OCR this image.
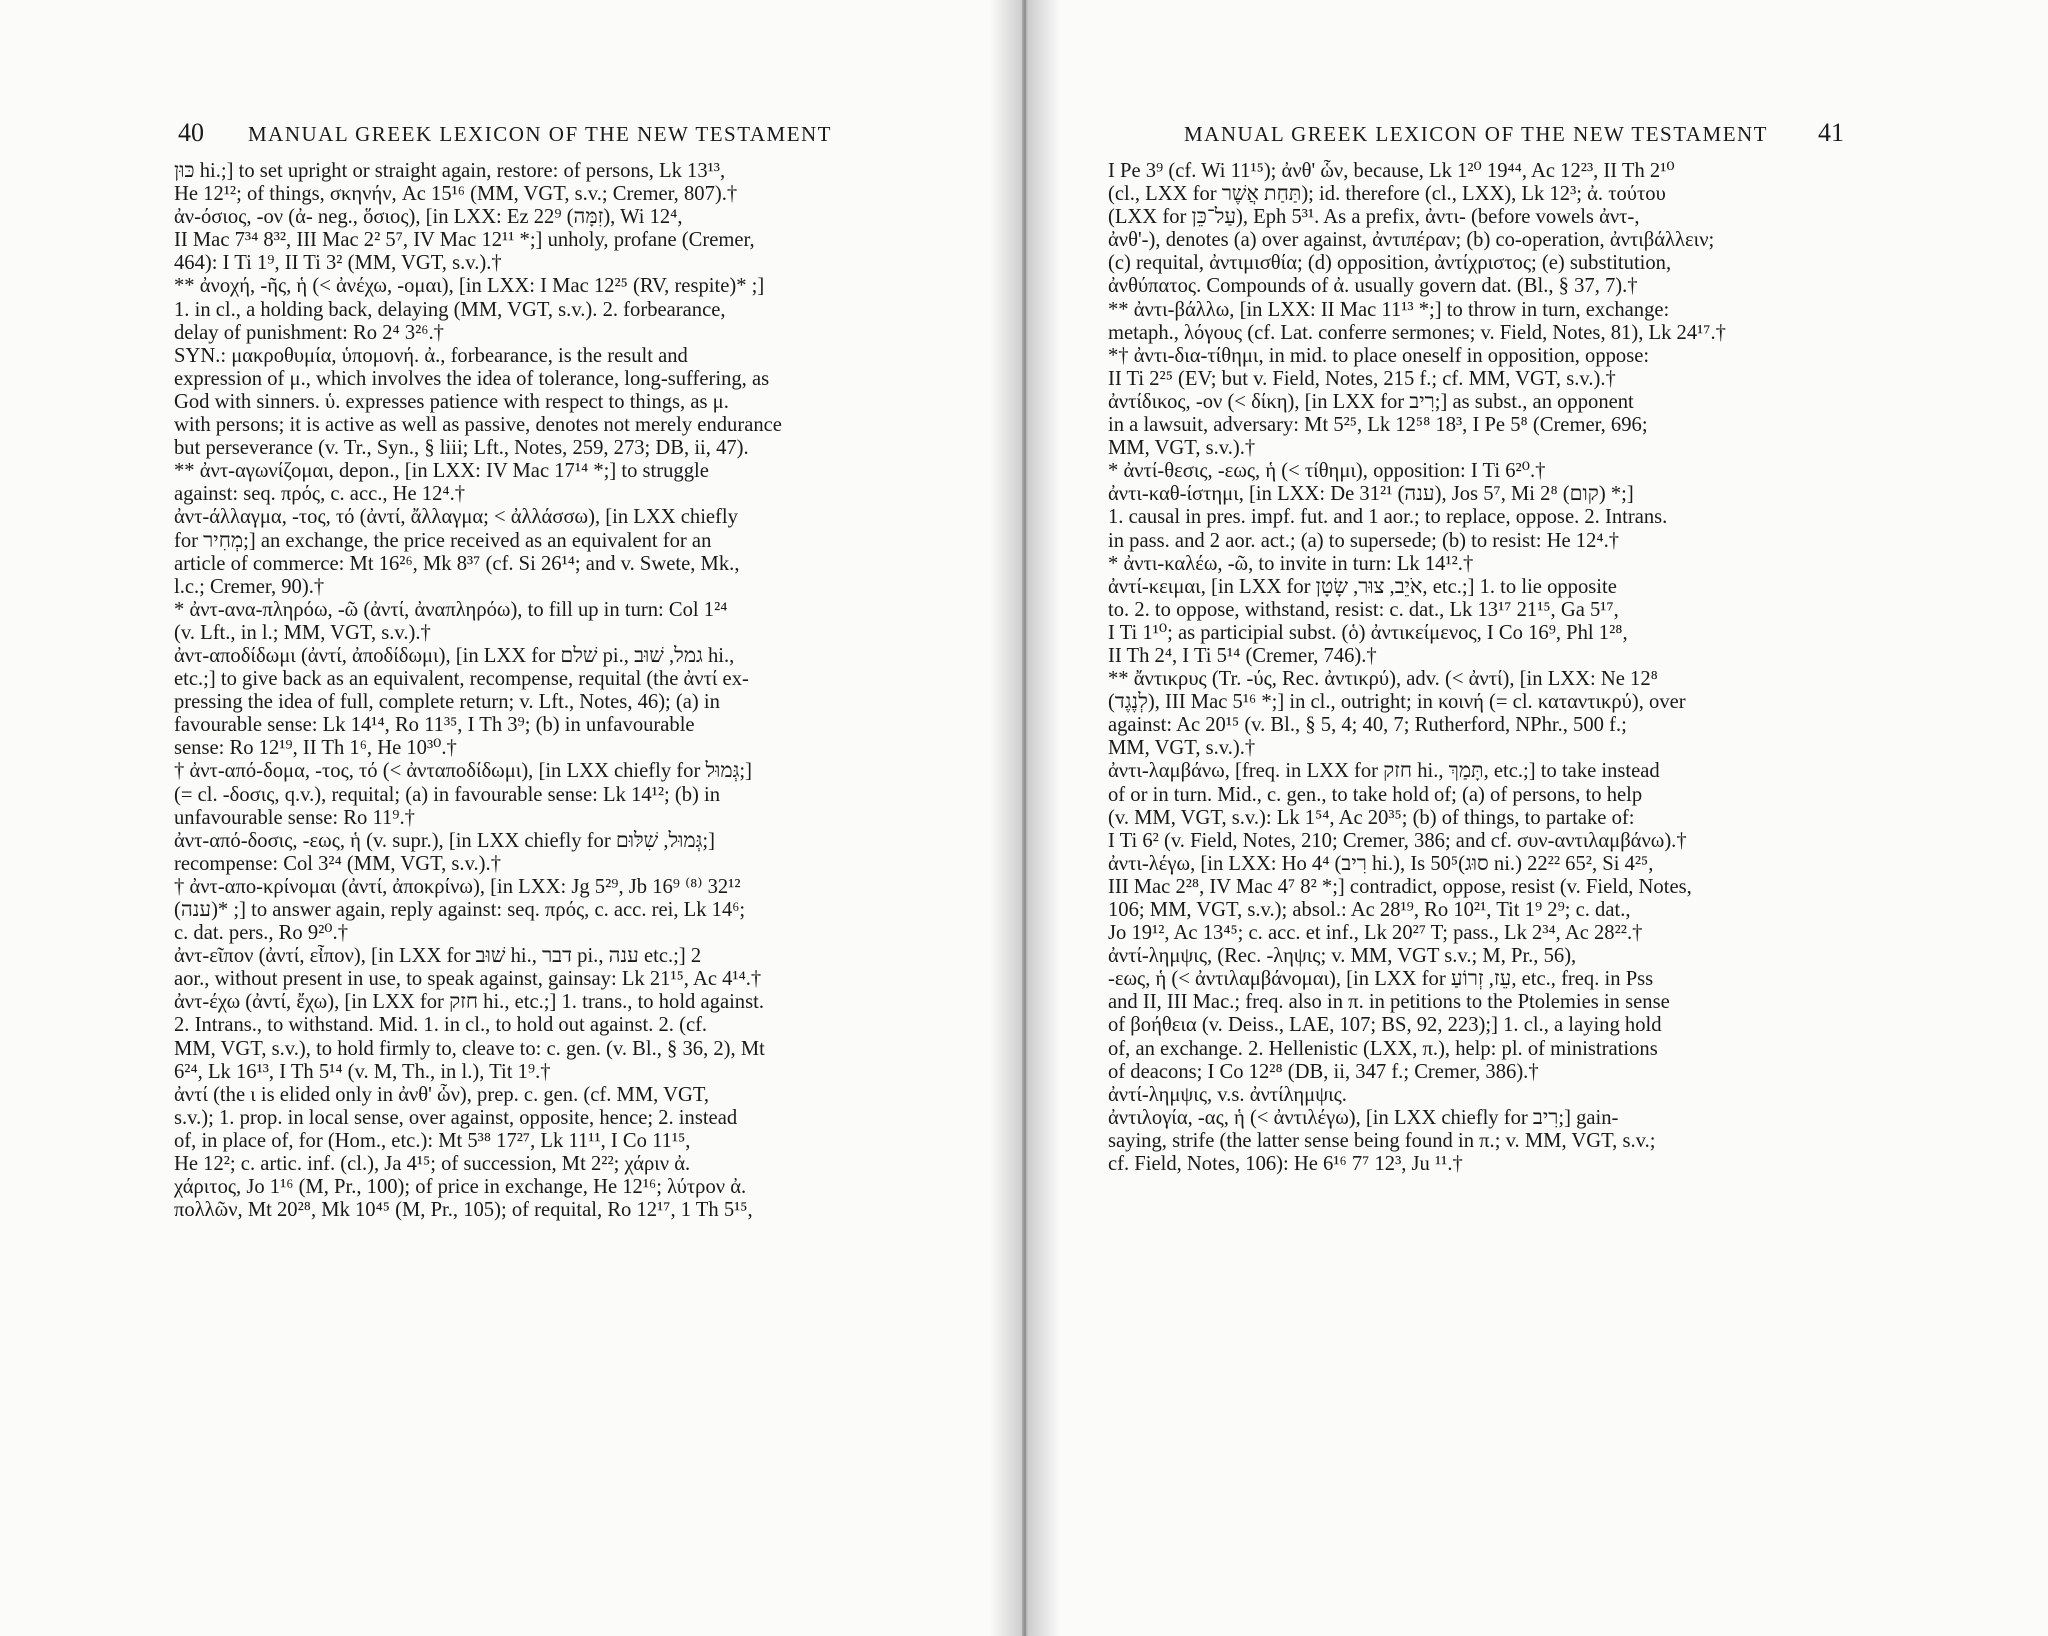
40 MANUAL GREEK LEXICON OF THE NEW TESTAMENT
כּוּן hi.;] to set upright or straight again, restore: of persons, Lk 13¹³,
He 12¹²; of things, σκηνήν, Ac 15¹⁶ (MM, VGT, s.v.; Cremer, 807).†
ἀν-όσιος, -ον (ἀ- neg., ὅσιος), [in LXX: Ez 22⁹ (זִמָּה), Wi 12⁴,
II Mac 7³⁴ 8³², III Mac 2² 5⁷, IV Mac 12¹¹ *;] unholy, profane (Cremer,
464): I Ti 1⁹, II Ti 3² (MM, VGT, s.v.).†
** ἀνοχή, -ῆς, ἡ (< ἀνέχω, -ομαι), [in LXX: I Mac 12²⁵ (RV, respite)* ;]
1. in cl., a holding back, delaying (MM, VGT, s.v.). 2. forbearance,
delay of punishment: Ro 2⁴ 3²⁶.†
SYN.: μακροθυμία, ὑπομονή. ἀ., forbearance, is the result and
expression of μ., which involves the idea of tolerance, long-suffering, as
God with sinners. ὑ. expresses patience with respect to things, as μ.
with persons; it is active as well as passive, denotes not merely endurance
but perseverance (v. Tr., Syn., § liii; Lft., Notes, 259, 273; DB, ii, 47).
** ἀντ-αγωνίζομαι, depon., [in LXX: IV Mac 17¹⁴ *;] to struggle
against: seq. πρός, c. acc., He 12⁴.†
ἀντ-άλλαγμα, -τος, τό (ἀντί, ἄλλαγμα; < ἀλλάσσω), [in LXX chiefly
for מְחִיר;] an exchange, the price received as an equivalent for an
article of commerce: Mt 16²⁶, Mk 8³⁷ (cf. Si 26¹⁴; and v. Swete, Mk.,
l.c.; Cremer, 90).†
* ἀντ-ανα-πληρόω, -ῶ (ἀντί, ἀναπληρόω), to fill up in turn: Col 1²⁴
(v. Lft., in l.; MM, VGT, s.v.).†
ἀντ-αποδίδωμι (ἀντί, ἀποδίδωμι), [in LXX for שׁלם pi., גמל, שׁוּב hi.,
etc.;] to give back as an equivalent, recompense, requital (the ἀντί ex-
pressing the idea of full, complete return; v. Lft., Notes, 46); (a) in
favourable sense: Lk 14¹⁴, Ro 11³⁵, I Th 3⁹; (b) in unfavourable
sense: Ro 12¹⁹, II Th 1⁶, He 10³⁰.†
† ἀντ-από-δομα, -τος, τό (< ἀνταποδίδωμι), [in LXX chiefly for גְּמוּל;]
(= cl. -δοσις, q.v.), requital; (a) in favourable sense: Lk 14¹²; (b) in
unfavourable sense: Ro 11⁹.†
ἀντ-από-δοσις, -εως, ἡ (v. supr.), [in LXX chiefly for גְּמוּל, שִׁלּוּם;]
recompense: Col 3²⁴ (MM, VGT, s.v.).†
† ἀντ-απο-κρίνομαι (ἀντί, ἀποκρίνω), [in LXX: Jg 5²⁹, Jb 16⁹ ⁽⁸⁾ 32¹²
(ענה)* ;] to answer again, reply against: seq. πρός, c. acc. rei, Lk 14⁶;
c. dat. pers., Ro 9²⁰.†
ἀντ-εῖπον (ἀντί, εἶπον), [in LXX for שׁוּב hi., דבר pi., ענה etc.;] 2
aor., without present in use, to speak against, gainsay: Lk 21¹⁵, Ac 4¹⁴.†
ἀντ-έχω (ἀντί, ἔχω), [in LXX for חזק hi., etc.;] 1. trans., to hold against.
2. Intrans., to withstand. Mid. 1. in cl., to hold out against. 2. (cf.
MM, VGT, s.v.), to hold firmly to, cleave to: c. gen. (v. Bl., § 36, 2), Mt
6²⁴, Lk 16¹³, I Th 5¹⁴ (v. M, Th., in l.), Tit 1⁹.†
ἀντί (the ι is elided only in ἀνθ' ὧν), prep. c. gen. (cf. MM, VGT,
s.v.); 1. prop. in local sense, over against, opposite, hence; 2. instead
of, in place of, for (Hom., etc.): Mt 5³⁸ 17²⁷, Lk 11¹¹, I Co 11¹⁵,
He 12²; c. artic. inf. (cl.), Ja 4¹⁵; of succession, Mt 2²²; χάριν ἀ.
χάριτος, Jo 1¹⁶ (M, Pr., 100); of price in exchange, He 12¹⁶; λύτρον ἀ.
πολλῶν, Mt 20²⁸, Mk 10⁴⁵ (M, Pr., 105); of requital, Ro 12¹⁷, 1 Th 5¹⁵,
MANUAL GREEK LEXICON OF THE NEW TESTAMENT 41
I Pe 3⁹ (cf. Wi 11¹⁵); ἀνθ' ὧν, because, Lk 1²⁰ 19⁴⁴, Ac 12²³, II Th 2¹⁰
(cl., LXX for תַּחַת אֲשֶׁר); id. therefore (cl., LXX), Lk 12³; ἀ. τούτου
(LXX for עַל־כֵּן), Eph 5³¹. As a prefix, ἀντι- (before vowels ἀντ-,
ἀνθ'-), denotes (a) over against, ἀντιπέραν; (b) co-operation, ἀντιβάλλειν;
(c) requital, ἀντιμισθία; (d) opposition, ἀντίχριστος; (e) substitution,
ἀνθύπατος. Compounds of ἀ. usually govern dat. (Bl., § 37, 7).†
** ἀντι-βάλλω, [in LXX: II Mac 11¹³ *;] to throw in turn, exchange:
metaph., λόγους (cf. Lat. conferre sermones; v. Field, Notes, 81), Lk 24¹⁷.†
*† ἀντι-δια-τίθημι, in mid. to place oneself in opposition, oppose:
II Ti 2²⁵ (EV; but v. Field, Notes, 215 f.; cf. MM, VGT, s.v.).†
ἀντίδικος, -ον (< δίκη), [in LXX for רִיב;] as subst., an opponent
in a lawsuit, adversary: Mt 5²⁵, Lk 12⁵⁸ 18³, I Pe 5⁸ (Cremer, 696;
MM, VGT, s.v.).†
* ἀντί-θεσις, -εως, ἡ (< τίθημι), opposition: I Ti 6²⁰.†
ἀντι-καθ-ίστημι, [in LXX: De 31²¹ (ענה), Jos 5⁷, Mi 2⁸ (קום) *;]
1. causal in pres. impf. fut. and 1 aor.; to replace, oppose. 2. Intrans.
in pass. and 2 aor. act.; (a) to supersede; (b) to resist: He 12⁴.†
* ἀντι-καλέω, -ῶ, to invite in turn: Lk 14¹².†
ἀντί-κειμαι, [in LXX for אֹיֵב, צוּר, שָׂטָן, etc.;] 1. to lie opposite
to. 2. to oppose, withstand, resist: c. dat., Lk 13¹⁷ 21¹⁵, Ga 5¹⁷,
I Ti 1¹⁰; as participial subst. (ὁ) ἀντικείμενος, I Co 16⁹, Phl 1²⁸,
II Th 2⁴, I Ti 5¹⁴ (Cremer, 746).†
** ἄντικρυς (Tr. -ύς, Rec. ἀντικρύ), adv. (< ἀντί), [in LXX: Ne 12⁸
(לְנֶגֶד), III Mac 5¹⁶ *;] in cl., outright; in κοινή (= cl. καταντικρύ), over
against: Ac 20¹⁵ (v. Bl., § 5, 4; 40, 7; Rutherford, NPhr., 500 f.;
MM, VGT, s.v.).†
ἀντι-λαμβάνω, [freq. in LXX for חזק hi., תָּמַךְ, etc.;] to take instead
of or in turn. Mid., c. gen., to take hold of; (a) of persons, to help
(v. MM, VGT, s.v.): Lk 1⁵⁴, Ac 20³⁵; (b) of things, to partake of:
I Ti 6² (v. Field, Notes, 210; Cremer, 386; and cf. συν-αντιλαμβάνω).†
ἀντι-λέγω, [in LXX: Ho 4⁴ (רִיב hi.), Is 50⁵(סוּג ni.) 22²² 65², Si 4²⁵,
III Mac 2²⁸, IV Mac 4⁷ 8² *;] contradict, oppose, resist (v. Field, Notes,
106; MM, VGT, s.v.); absol.: Ac 28¹⁹, Ro 10²¹, Tit 1⁹ 2⁹; c. dat.,
Jo 19¹², Ac 13⁴⁵; c. acc. et inf., Lk 20²⁷ T; pass., Lk 2³⁴, Ac 28²².†
ἀντί-λημψις, (Rec. -ληψις; v. MM, VGT s.v.; M, Pr., 56),
-εως, ἡ (< ἀντιλαμβάνομαι), [in LXX for עֵז, זְרוֹעַ, etc., freq. in Pss
and II, III Mac.; freq. also in π. in petitions to the Ptolemies in sense
of βοήθεια (v. Deiss., LAE, 107; BS, 92, 223);] 1. cl., a laying hold
of, an exchange. 2. Hellenistic (LXX, π.), help: pl. of ministrations
of deacons; I Co 12²⁸ (DB, ii, 347 f.; Cremer, 386).†
ἀντί-λημψις, v.s. ἀντίλημψις.
ἀντιλογία, -ας, ἡ (< ἀντιλέγω), [in LXX chiefly for רִיב;] gain-
saying, strife (the latter sense being found in π.; v. MM, VGT, s.v.;
cf. Field, Notes, 106): He 6¹⁶ 7⁷ 12³, Ju ¹¹.†
